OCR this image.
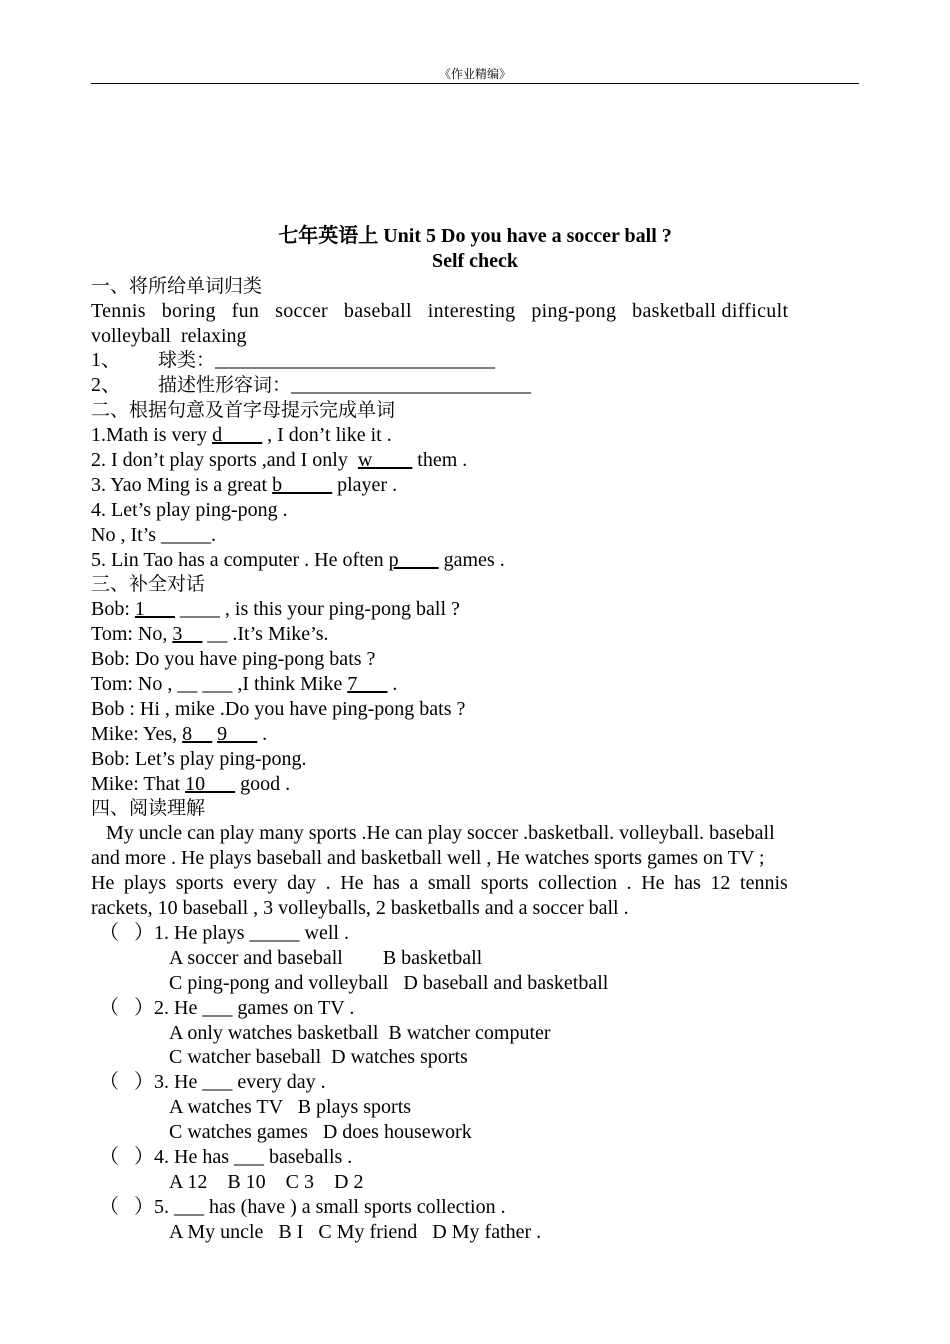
《作业精编》
七年英语上 Unit 5 Do you have a soccer ball ?
Self check
一、将所给单词归类
Tennis   boring   fun   soccer   baseball   interesting   ping-pong   basketball difficult
volleyball  relaxing
1、 球类：____________________________
2、 描述性形容词：________________________
二、根据句意及首字母提示完成单词
1.Math is very d____ , I don’t like it .
2. I don’t play sports ,and I only  w____ them .
3. Yao Ming is a great b_____ player .
4. Let’s play ping-pong .
No , It’s _____.
5. Lin Tao has a computer . He often p____ games .
三、补全对话
Bob: 1___ ____ , is this your ping-pong ball ?
Tom: No, 3__ __ .It’s Mike’s.
Bob: Do you have ping-pong bats ?
Tom: No , __ ___ ,I think Mike 7___ .
Bob : Hi , mike .Do you have ping-pong bats ?
Mike: Yes, 8__ 9___ .
Bob: Let’s play ping-pong.
Mike: That 10___ good .
四、阅读理解
My uncle can play many sports .He can play soccer .basketball. volleyball. baseball
and more . He plays baseball and basketball well , He watches sports games on TV ;
He plays sports every day . He has a small sports collection . He has 12 tennis
rackets, 10 baseball , 3 volleyballs, 2 basketballs and a soccer ball .
（   ）1. He plays _____ well .
A soccer and baseball        B basketball
C ping-pong and volleyball   D baseball and basketball
（   ）2. He ___ games on TV .
A only watches basketball  B watcher computer
C watcher baseball  D watches sports
（   ）3. He ___ every day .
A watches TV   B plays sports
C watches games   D does housework
（   ）4. He has ___ baseballs .
A 12    B 10    C 3    D 2
（   ）5. ___ has (have ) a small sports collection .
A My uncle   B I   C My friend   D My father .
